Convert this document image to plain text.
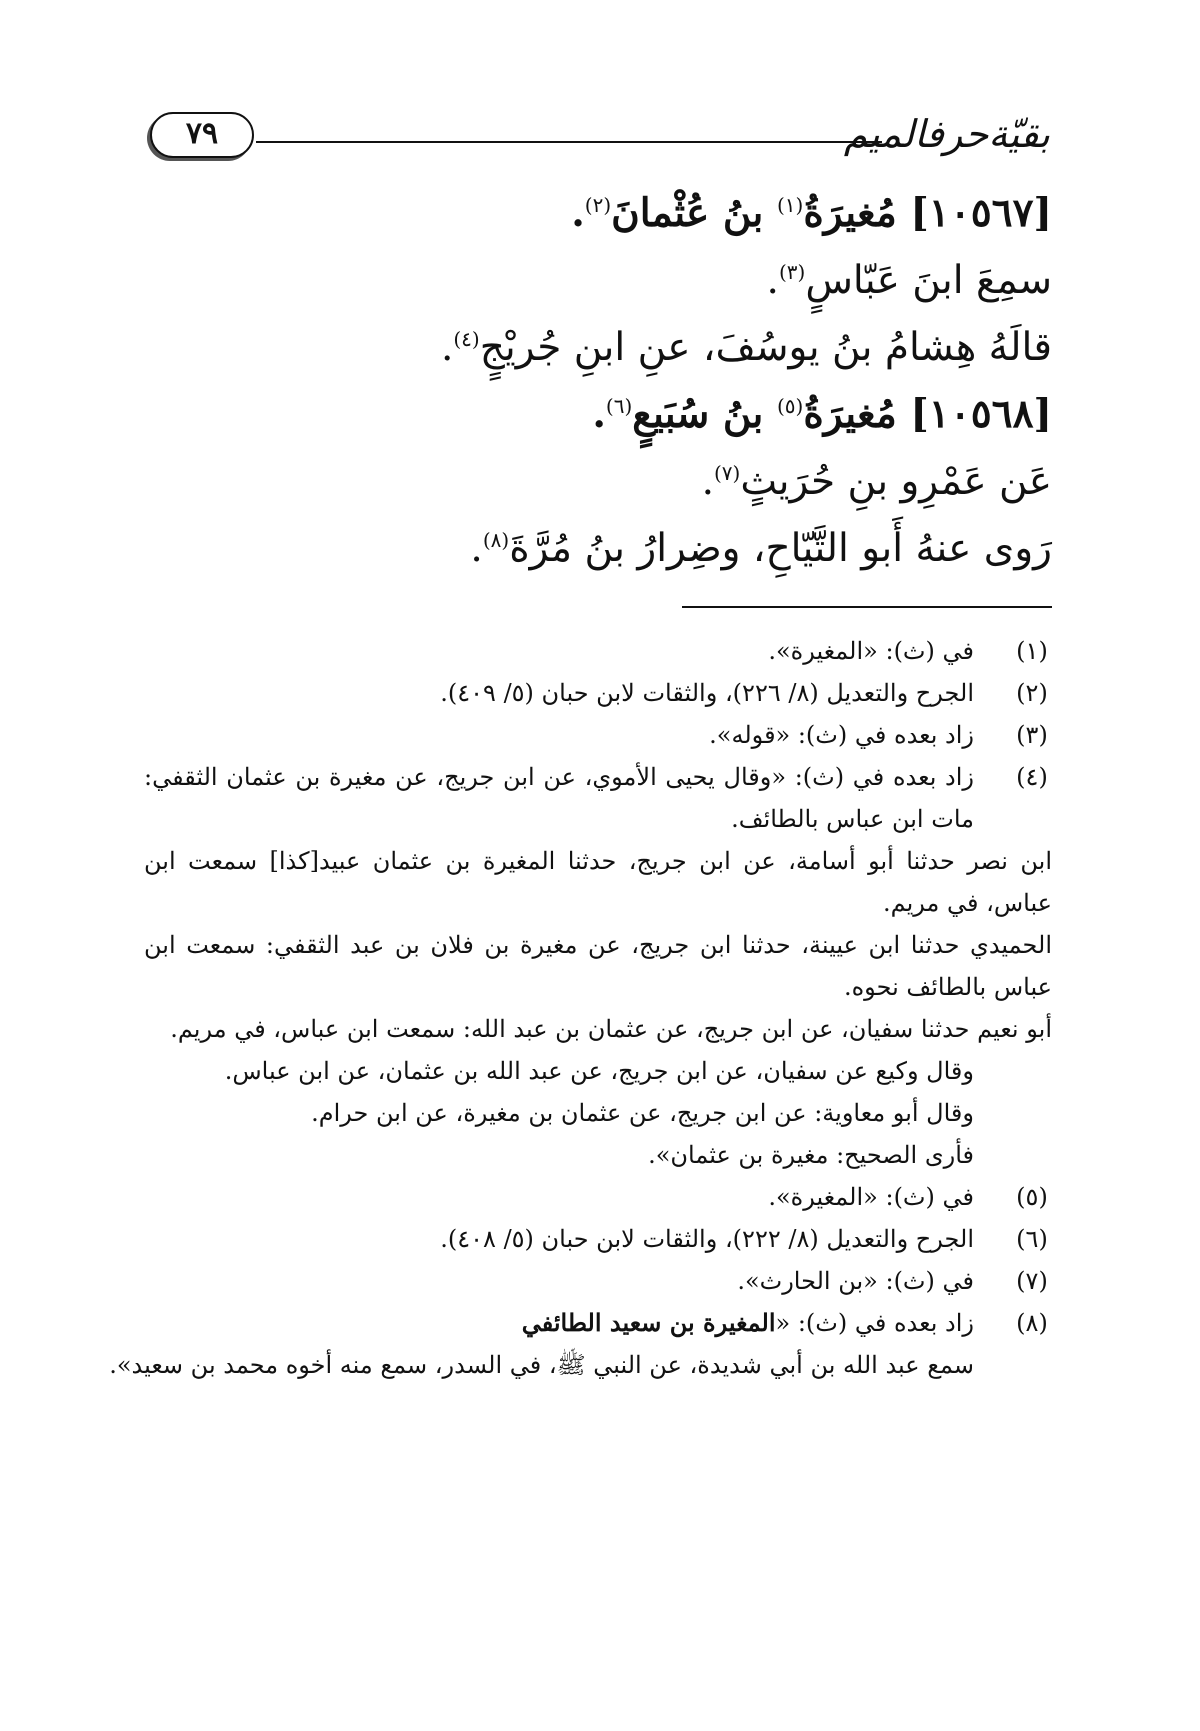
بقيّةحرفالميم
٧٩
[١٠٥٦٧] مُغيرَةُ$^{(١)}$ بنُ عُثْمانَ$^{(٢)}$.
سمِعَ ابنَ عَبّاسٍ$^{(٣)}$.
قالَهُ هِشامُ بنُ يوسُفَ، عنِ ابنِ جُريْجٍ$^{(٤)}$.
[١٠٥٦٨] مُغيرَةُ$^{(٥)}$ بنُ سُبَيعٍ$^{(٦)}$.
عَن عَمْرِو بنِ حُرَيثٍ$^{(٧)}$.
رَوى عنهُ أَبو التَّيّاحِ، وضِرارُ بنُ مُرَّةَ$^{(٨)}$.
(١)
في (ث): «المغيرة».
(٢)
الجرح والتعديل (٨/ ٢٢٦)، والثقات لابن حبان (٥/ ٤٠٩).
(٣)
زاد بعده في (ث): «قوله».
(٤)
زاد بعده في (ث): «وقال يحيى الأموي، عن ابن جريج، عن مغيرة بن عثمان الثقفي: مات ابن عباس بالطائف.
ابن نصر حدثنا أبو أسامة، عن ابن جريج، حدثنا المغيرة بن عثمان عبيد[كذا] سمعت ابن عباس، في مريم.
الحميدي حدثنا ابن عيينة، حدثنا ابن جريج، عن مغيرة بن فلان بن عبد الثقفي: سمعت ابن عباس بالطائف نحوه.
أبو نعيم حدثنا سفيان، عن ابن جريج، عن عثمان بن عبد الله: سمعت ابن عباس، في مريم.
وقال وكيع عن سفيان، عن ابن جريج، عن عبد الله بن عثمان، عن ابن عباس.
وقال أبو معاوية: عن ابن جريج، عن عثمان بن مغيرة، عن ابن حرام.
فأرى الصحيح: مغيرة بن عثمان».
(٥)
في (ث): «المغيرة».
(٦)
الجرح والتعديل (٨/ ٢٢٢)، والثقات لابن حبان (٥/ ٤٠٨).
(٧)
في (ث): «بن الحارث».
(٨)
زاد بعده في (ث): «المغيرة بن سعيد الطائفي
سمع عبد الله بن أبي شديدة، عن النبي ﷺ، في السدر، سمع منه أخوه محمد بن سعيد».
